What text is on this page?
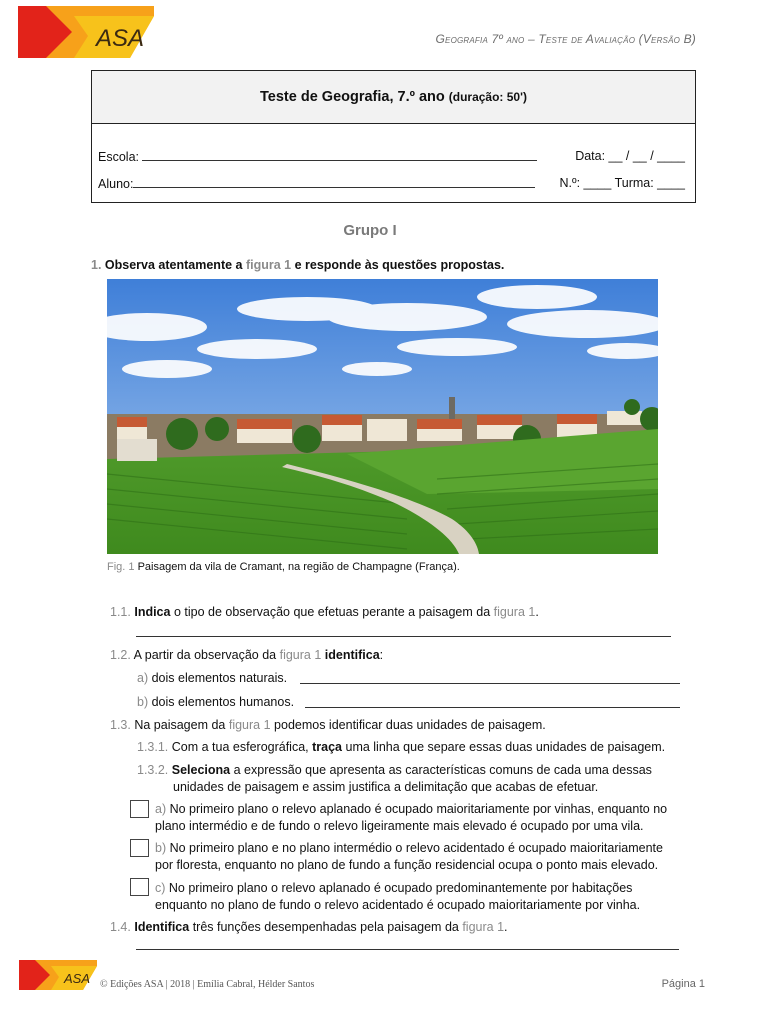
ASA	Geografia 7º ano – Teste de Avaliação (Versão B)
Teste de Geografia, 7.º ano (duração: 50')
Escola:	Data: __ / __ / ____
Aluno:	N.º: ____ Turma: ____
Grupo I
1. Observa atentamente a figura 1 e responde às questões propostas.
Fig. 1 Paisagem da vila de Cramant, na região de Champagne (França).
1.1. Indica o tipo de observação que efetuas perante a paisagem da figura 1.
1.2. A partir da observação da figura 1 identifica:
a) dois elementos naturais.
b) dois elementos humanos.
1.3. Na paisagem da figura 1 podemos identificar duas unidades de paisagem.
1.3.1. Com a tua esferográfica, traça uma linha que separe essas duas unidades de paisagem.
1.3.2. Seleciona a expressão que apresenta as características comuns de cada uma dessas
unidades de paisagem e assim justifica a delimitação que acabas de efetuar.
a) No primeiro plano o relevo aplanado é ocupado maioritariamente por vinhas, enquanto no
plano intermédio e de fundo o relevo ligeiramente mais elevado é ocupado por uma vila.
b) No primeiro plano e no plano intermédio o relevo acidentado é ocupado maioritariamente
por floresta, enquanto no plano de fundo a função residencial ocupa o ponto mais elevado.
c) No primeiro plano o relevo aplanado é ocupado predominantemente por habitações
enquanto no plano de fundo o relevo acidentado é ocupado maioritariamente por vinha.
1.4. Identifica três funções desempenhadas pela paisagem da figura 1.
ASA © Edições ASA | 2018 | Emília Cabral, Hélder Santos	Página 1
